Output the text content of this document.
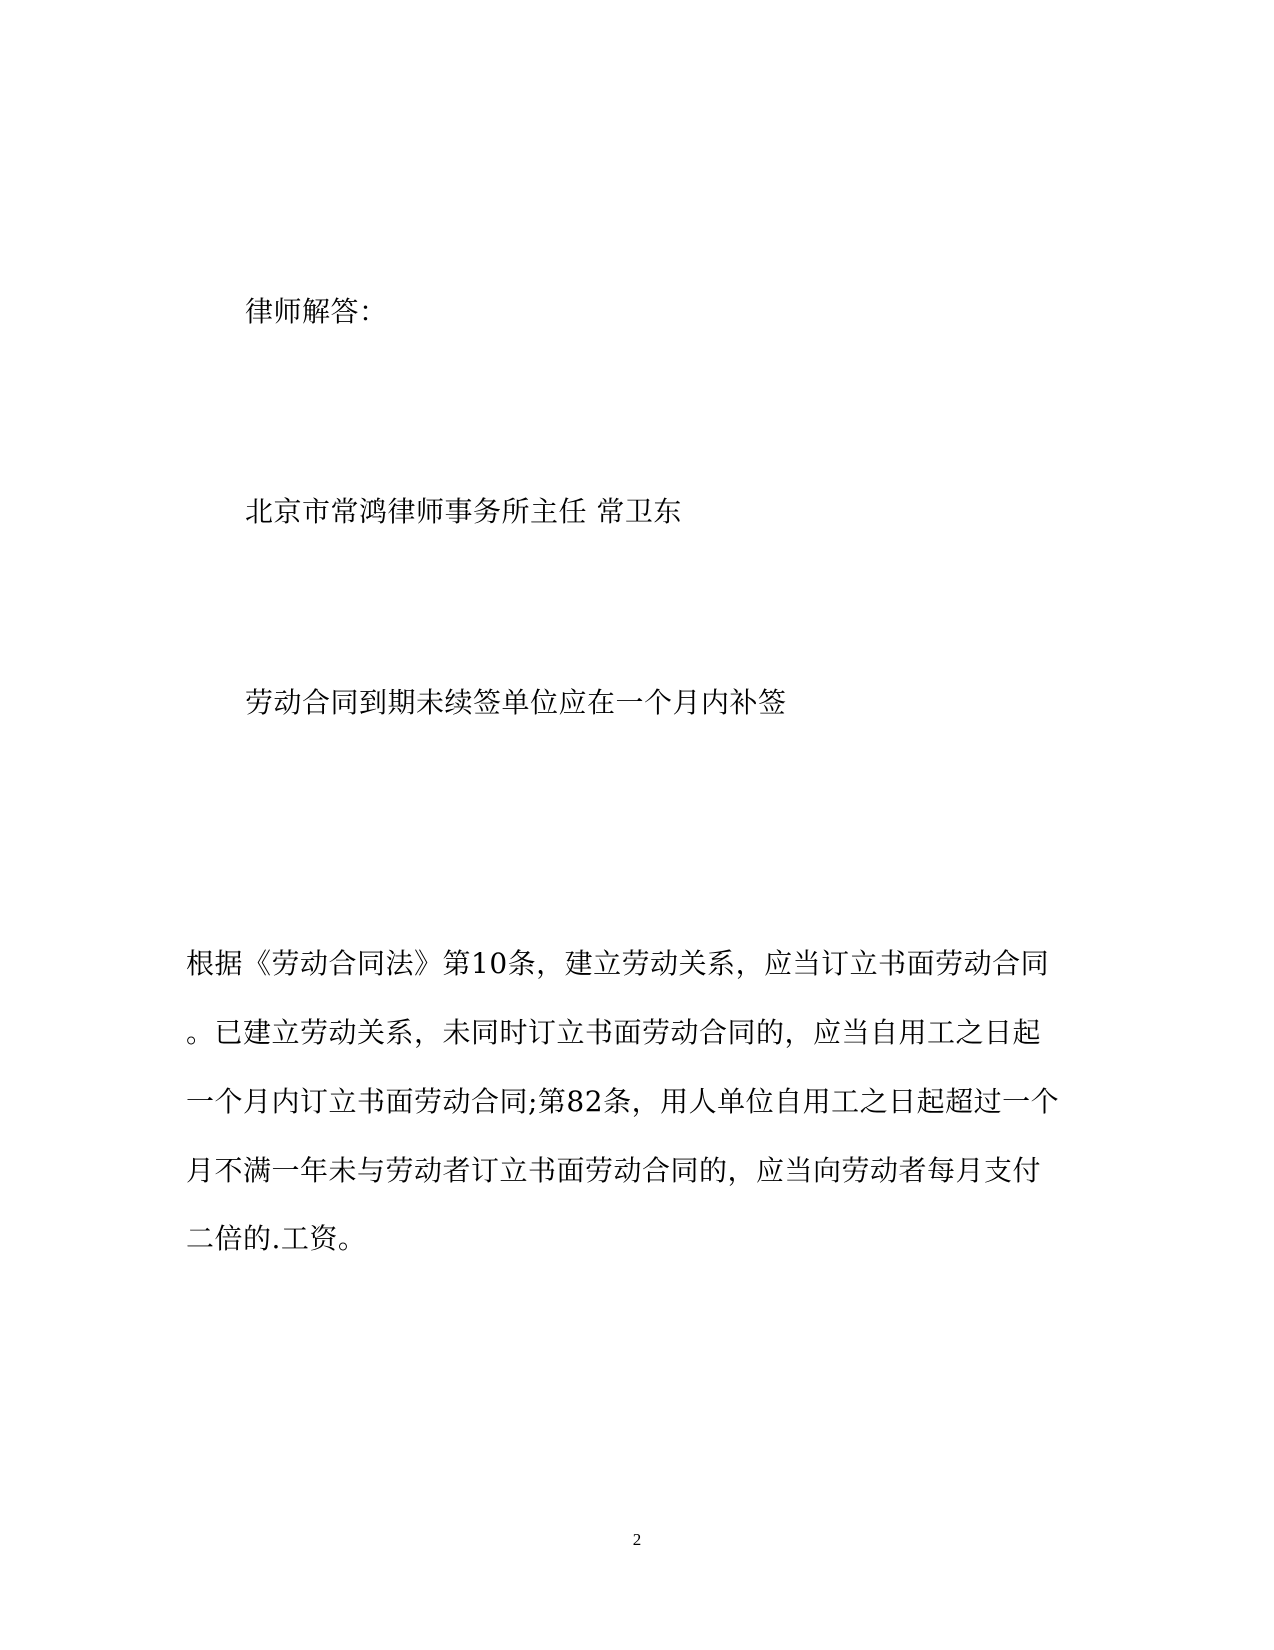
律师解答：
北京市常鸿律师事务所主任 常卫东
劳动合同到期未续签单位应在一个月内补签
根据《劳动合同法》第10条，建立劳动关系，应当订立书面劳动合同
。已建立劳动关系，未同时订立书面劳动合同的，应当自用工之日起
一个月内订立书面劳动合同;第82条，用人单位自用工之日起超过一个
月不满一年未与劳动者订立书面劳动合同的，应当向劳动者每月支付
二倍的.工资。
2
